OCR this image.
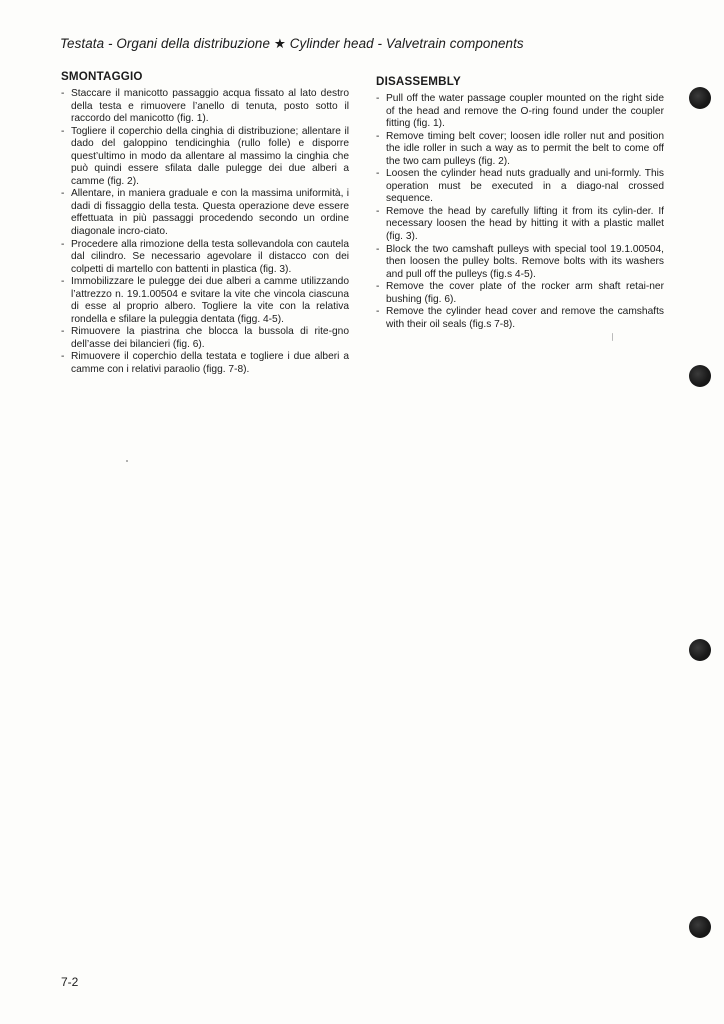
Testata - Organi della distribuzione ★ Cylinder head - Valvetrain components
SMONTAGGIO
- Staccare il manicotto passaggio acqua fissato al lato destro della testa e rimuovere l’anello di tenuta, posto sotto il raccordo del manicotto (fig. 1).
- Togliere il coperchio della cinghia di distribuzione; allentare il dado del galoppino tendicinghia (rullo folle) e disporre quest’ultimo in modo da allentare al massimo la cinghia che può quindi essere sfilata dalle pulegge dei due alberi a camme (fig. 2).
- Allentare, in maniera graduale e con la massima uniformità, i dadi di fissaggio della testa. Questa operazione deve essere effettuata in più passaggi procedendo secondo un ordine diagonale incro-ciato.
- Procedere alla rimozione della testa sollevandola con cautela dal cilindro. Se necessario agevolare il distacco con dei colpetti di martello con battenti in plastica (fig. 3).
- Immobilizzare le pulegge dei due alberi a camme utilizzando l’attrezzo n. 19.1.00504 e svitare la vite che vincola ciascuna di esse al proprio albero. Togliere la vite con la relativa rondella e sfilare la puleggia dentata (figg. 4-5).
- Rimuovere la piastrina che blocca la bussola di rite-gno dell’asse dei bilancieri (fig. 6).
- Rimuovere il coperchio della testata e togliere i due alberi a camme con i relativi paraolio (figg. 7-8).
DISASSEMBLY
- Pull off the water passage coupler mounted on the right side of the head and remove the O-ring found under the coupler fitting (fig. 1).
- Remove timing belt cover; loosen idle roller nut and position the idle roller in such a way as to permit the belt to come off the two cam pulleys (fig. 2).
- Loosen the cylinder head nuts gradually and uni-formly. This operation must be executed in a diago-nal crossed sequence.
- Remove the head by carefully lifting it from its cylin-der. If necessary loosen the head by hitting it with a plastic mallet (fig. 3).
- Block the two camshaft pulleys with special tool 19.1.00504, then loosen the pulley bolts. Remove bolts with its washers and pull off the pulleys (fig.s 4-5).
- Remove the cover plate of the rocker arm shaft retai-ner bushing (fig. 6).
- Remove the cylinder head cover and remove the camshafts with their oil seals (fig.s 7-8).
7-2
